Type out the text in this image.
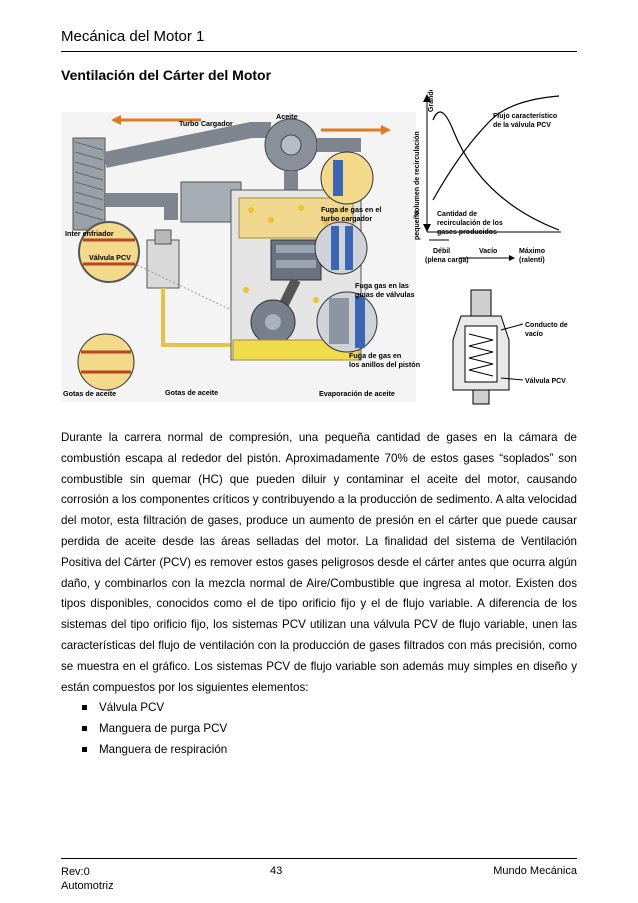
Mecánica del Motor 1
Ventilación del Cárter del Motor
Turbo Cargador
Aceite
Inter enfriador
Válvula PCV
Fuga de gas en el
turbo cargador
Fuga gas en las
guías de válvulas
Fuga de gas en
los anillos del pistón
Gotas de aceite	Gotas de aceite	Evaporación de aceite
Volumen de recirculación
Grande
pequeño
Flujo característico
de la válvula PCV
Cantidad de
recirculación de los
gases producidos
Débil
(plena carga)
Vacío	Máximo
(ralentí)
Conducto de
vacío
Válvula PCV

Durante la carrera normal de compresión, una pequeña cantidad de gases en la cámara de combustión escapa al rededor del pistón. Aproximadamente 70% de estos gases “soplados” son combustible sin quemar (HC) que pueden diluir y contaminar el aceite del motor, causando corrosión a los componentes críticos y contribuyendo a la producción de sedimento. A alta velocidad del motor, esta filtración de gases, produce un aumento de presión en el cárter que puede causar perdida de aceite desde las áreas selladas del motor. La finalidad del sistema de Ventilación Positiva del Cárter (PCV) es remover estos gases peligrosos desde el cárter antes que ocurra algún daño, y combinarlos con la mezcla normal de Aire/Combustible que ingresa al motor. Existen dos tipos disponibles, conocidos como el de tipo orificio fijo y el de flujo variable. A diferencia de los sistemas del tipo orificio fijo, los sistemas PCV utilizan una válvula PCV de flujo variable, unen las características del flujo de ventilación con la producción de gases filtrados con más precisión, como se muestra en el gráfico. Los sistemas PCV de flujo variable son además muy simples en diseño y están compuestos por los siguientes elementos:

Válvula PCV
Manguera de purga PCV
Manguera de respiración
Rev:0
Automotriz
43	Mundo Mecánica
